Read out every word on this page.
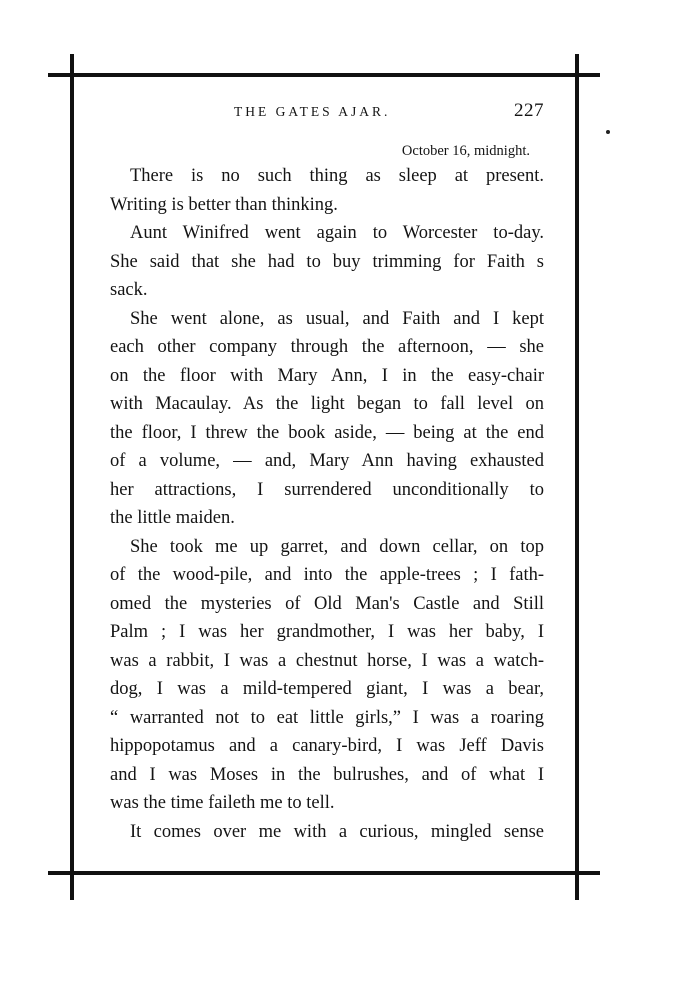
THE GATES AJAR.	227
October 16, midnight.
There is no such thing as sleep at present.
Writing is better than thinking.
Aunt Winifred went again to Worcester to-day.
She said that she had to buy trimming for Faith s
sack.
She went alone, as usual, and Faith and I kept
each other company through the afternoon, — she
on the floor with Mary Ann, I in the easy-chair
with Macaulay. As the light began to fall level on
the floor, I threw the book aside, — being at the end
of a volume, — and, Mary Ann having exhausted
her attractions, I surrendered unconditionally to
the little maiden.
She took me up garret, and down cellar, on top
of the wood-pile, and into the apple-trees ; I fath-
omed the mysteries of Old Man's Castle and Still
Palm ; I was her grandmother, I was her baby, I
was a rabbit, I was a chestnut horse, I was a watch-
dog, I was a mild-tempered giant, I was a bear,
“ warranted not to eat little girls,” I was a roaring
hippopotamus and a canary-bird, I was Jeff Davis
and I was Moses in the bulrushes, and of what I
was the time faileth me to tell.
It comes over me with a curious, mingled sense
